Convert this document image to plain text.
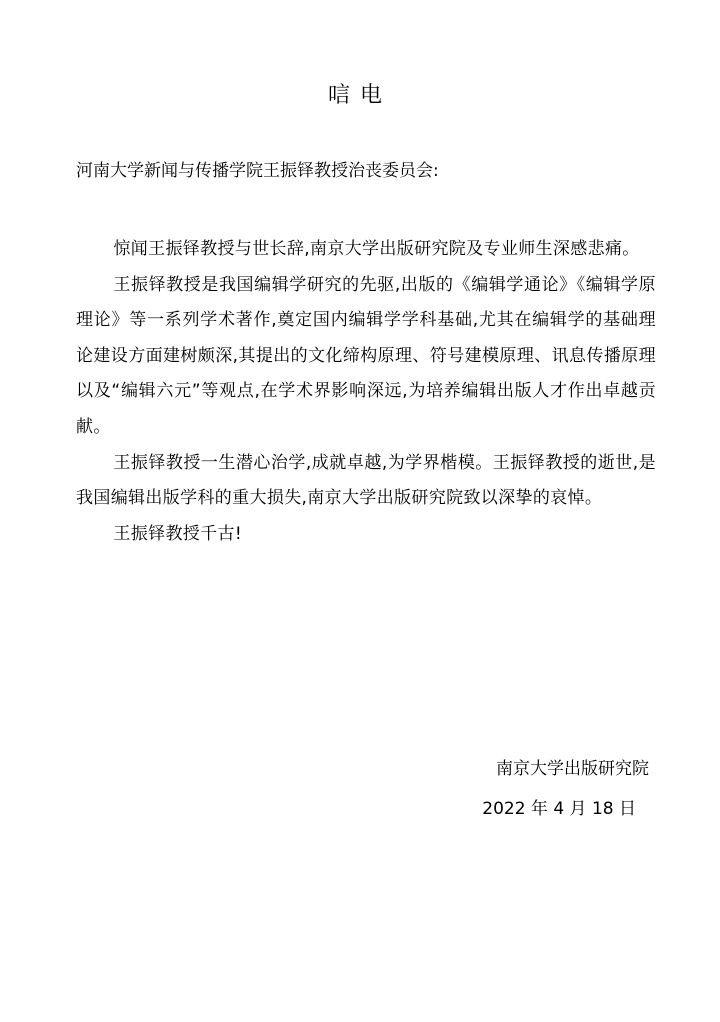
唁电
河南大学新闻与传播学院王振铎教授治丧委员会:

惊闻王振铎教授与世长辞,南京大学出版研究院及专业师生深感悲痛。

王振铎教授是我国编辑学研究的先驱,出版的《编辑学通论》《编辑学原理论》等一系列学术著作,奠定国内编辑学学科基础,尤其在编辑学的基础理论建设方面建树颇深,其提出的文化缔构原理、符号建模原理、讯息传播原理以及“编辑六元”等观点,在学术界影响深远,为培养编辑出版人才作出卓越贡献。

王振铎教授一生潜心治学,成就卓越,为学界楷模。王振铎教授的逝世,是我国编辑出版学科的重大损失,南京大学出版研究院致以深挚的哀悼。

王振铎教授千古!

南京大学出版研究院
2022 年 4 月 18 日
